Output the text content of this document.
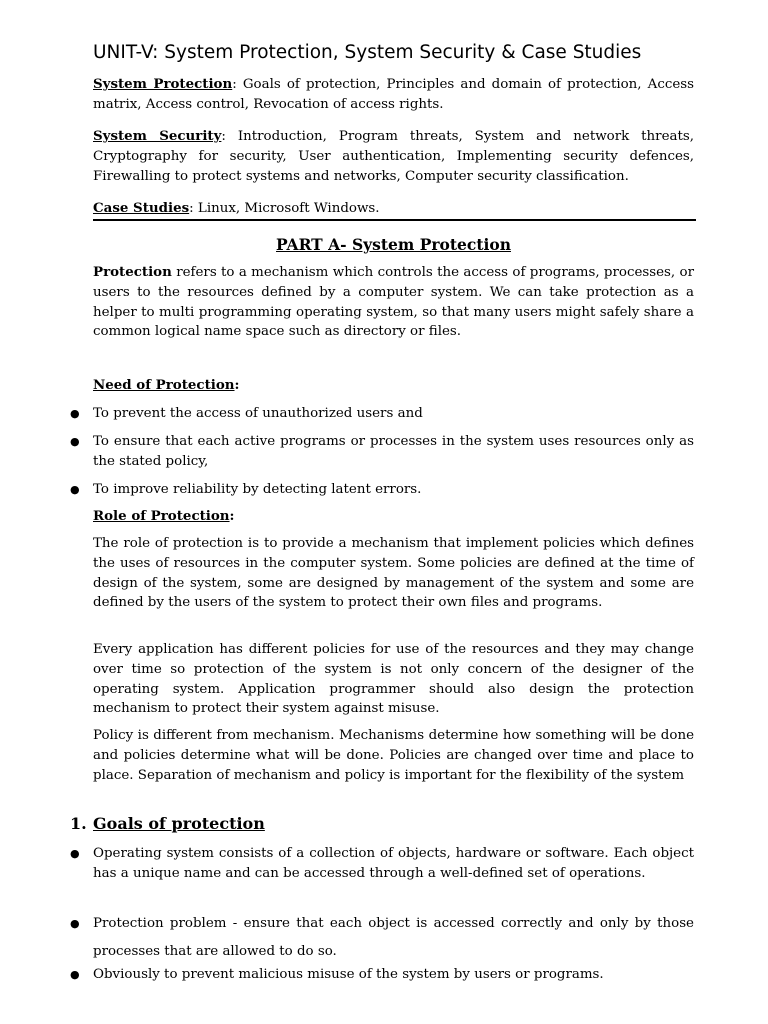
UNIT-V: System Protection, System Security & Case Studies

System Protection: Goals of protection, Principles and domain of protection, Access matrix, Access control, Revocation of access rights.

System Security: Introduction, Program threats, System and network threats, Cryptography for security, User authentication, Implementing security defences, Firewalling to protect systems and networks, Computer security classification.

Case Studies: Linux, Microsoft Windows.

PART A- System Protection

Protection refers to a mechanism which controls the access of programs, processes, or users to the resources defined by a computer system. We can take protection as a helper to multi programming operating system, so that many users might safely share a common logical name space such as directory or files.

Need of Protection:
● To prevent the access of unauthorized users and
● To ensure that each active programs or processes in the system uses resources only as the stated policy,
● To improve reliability by detecting latent errors.
Role of Protection:

The role of protection is to provide a mechanism that implement policies which defines the uses of resources in the computer system. Some policies are defined at the time of design of the system, some are designed by management of the system and some are defined by the users of the system to protect their own files and programs.

Every application has different policies for use of the resources and they may change over time so protection of the system is not only concern of the designer of the operating system. Application programmer should also design the protection mechanism to protect their system against misuse.

Policy is different from mechanism. Mechanisms determine how something will be done and policies determine what will be done. Policies are changed over time and place to place. Separation of mechanism and policy is important for the flexibility of the system

1. Goals of protection
● Operating system consists of a collection of objects, hardware or software. Each object has a unique name and can be accessed through a well-defined set of operations.
● Protection problem - ensure that each object is accessed correctly and only by those processes that are allowed to do so.
● Obviously to prevent malicious misuse of the system by users or programs.
